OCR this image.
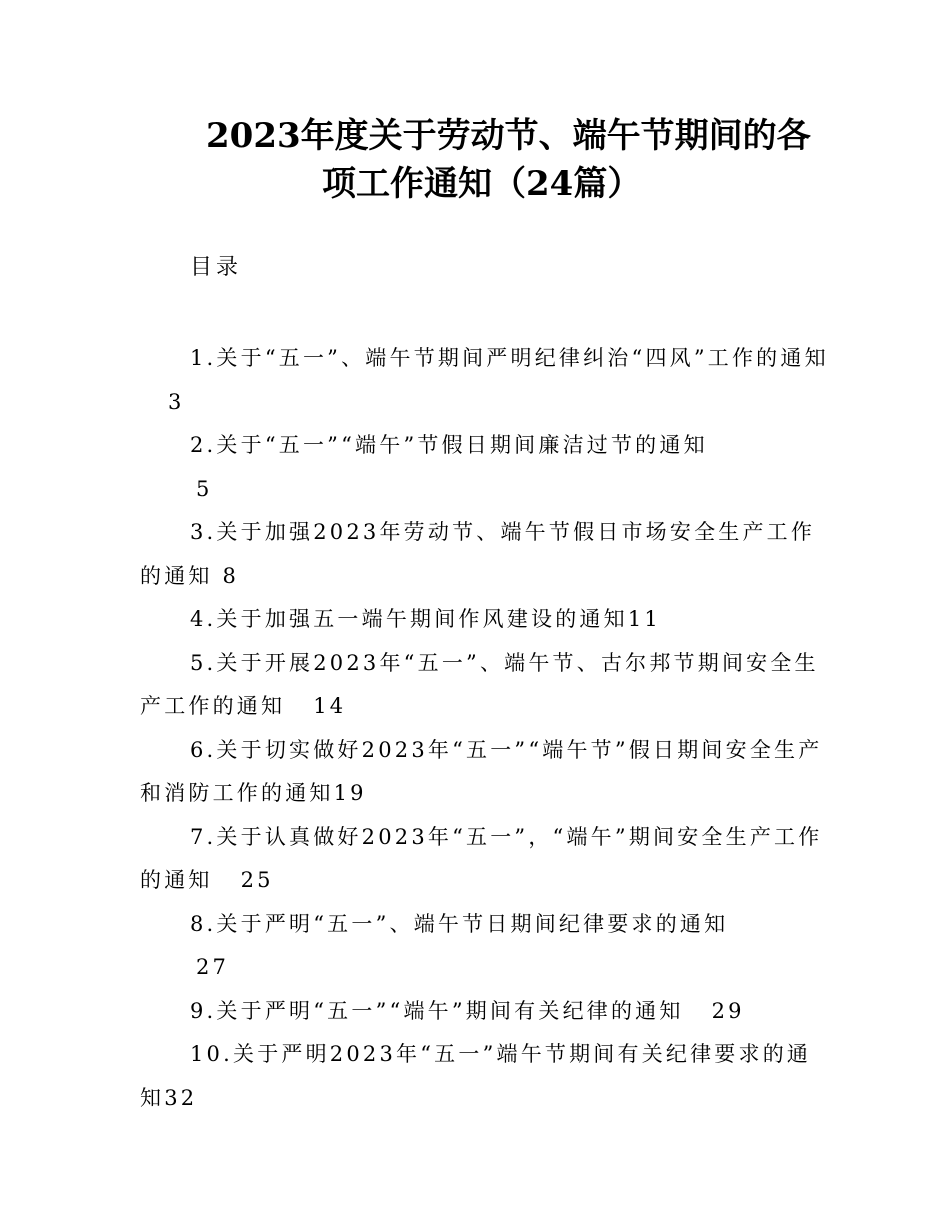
2023年度关于劳动节、端午节期间的各
项工作通知（24篇）
目录
1.关于“五一”、端午节期间严明纪律纠治“四风”工作的通知3
2.关于“五一”“端午”节假日期间廉洁过节的通知
5
3.关于加强2023年劳动节、端午节假日市场安全生产工作的通知 8
4.关于加强五一端午期间作风建设的通知11
5.关于开展2023年“五一”、端午节、古尔邦节期间安全生产工作的通知 14
6.关于切实做好2023年“五一”“端午节”假日期间安全生产和消防工作的通知19
7.关于认真做好2023年“五一”，“端午”期间安全生产工作的通知 25
8.关于严明“五一”、端午节日期间纪律要求的通知
27
9.关于严明“五一”“端午”期间有关纪律的通知 29
10.关于严明2023年“五一”端午节期间有关纪律要求的通知32
